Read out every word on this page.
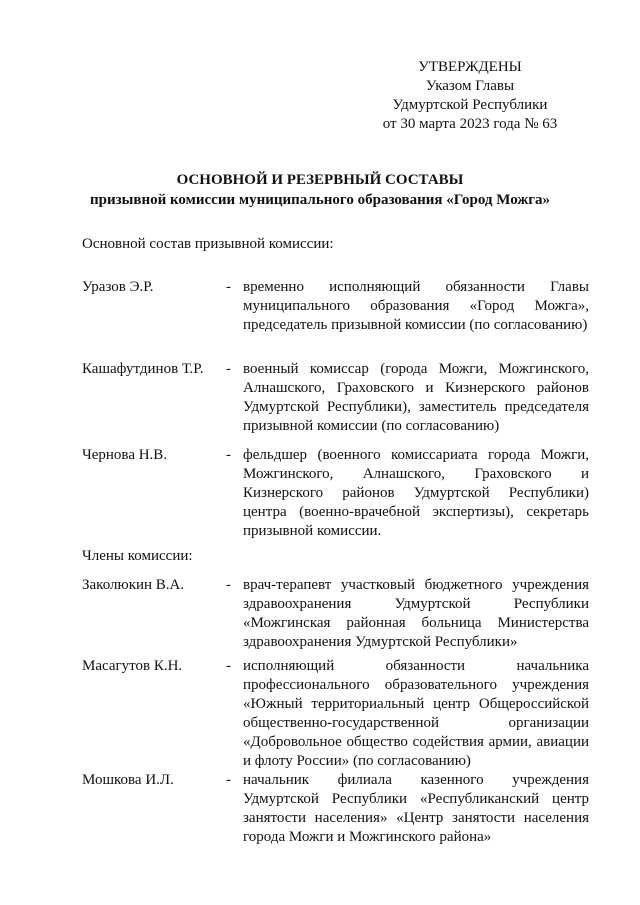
УТВЕРЖДЕНЫ
Указом Главы
Удмуртской Республики
от 30 марта 2023 года № 63
ОСНОВНОЙ И РЕЗЕРВНЫЙ СОСТАВЫ
призывной комиссии муниципального образования «Город Можга»
Основной состав призывной комиссии:
Уразов Э.Р.	- временно исполняющий обязанности Главы муниципального образования «Город Можга», председатель призывной комиссии (по согласованию)
Кашафутдинов Т.Р. - военный комиссар (города Можги, Можгинского, Алнашского, Граховского и Кизнерского районов Удмуртской Республики), заместитель председателя призывной комиссии (по согласованию)
Чернова Н.В.	- фельдшер (военного комиссариата города Можги, Можгинского, Алнашского, Граховского и Кизнерского районов Удмуртской Республики) центра (военно-врачебной экспертизы), секретарь призывной комиссии.
Члены комиссии:
Заколюкин В.А.	- врач-терапевт участковый бюджетного учреждения здравоохранения Удмуртской Республики «Можгинская районная больница Министерства здравоохранения Удмуртской Республики»
Масагутов К.Н.	- исполняющий обязанности начальника профессионального образовательного учреждения «Южный территориальный центр Общероссийской общественно-государственной организации «Добровольное общество содействия армии, авиации и флоту России» (по согласованию)
Мошкова И.Л.	- начальник филиала казенного учреждения Удмуртской Республики «Республиканский центр занятости населения» «Центр занятости населения города Можги и Можгинского района»
